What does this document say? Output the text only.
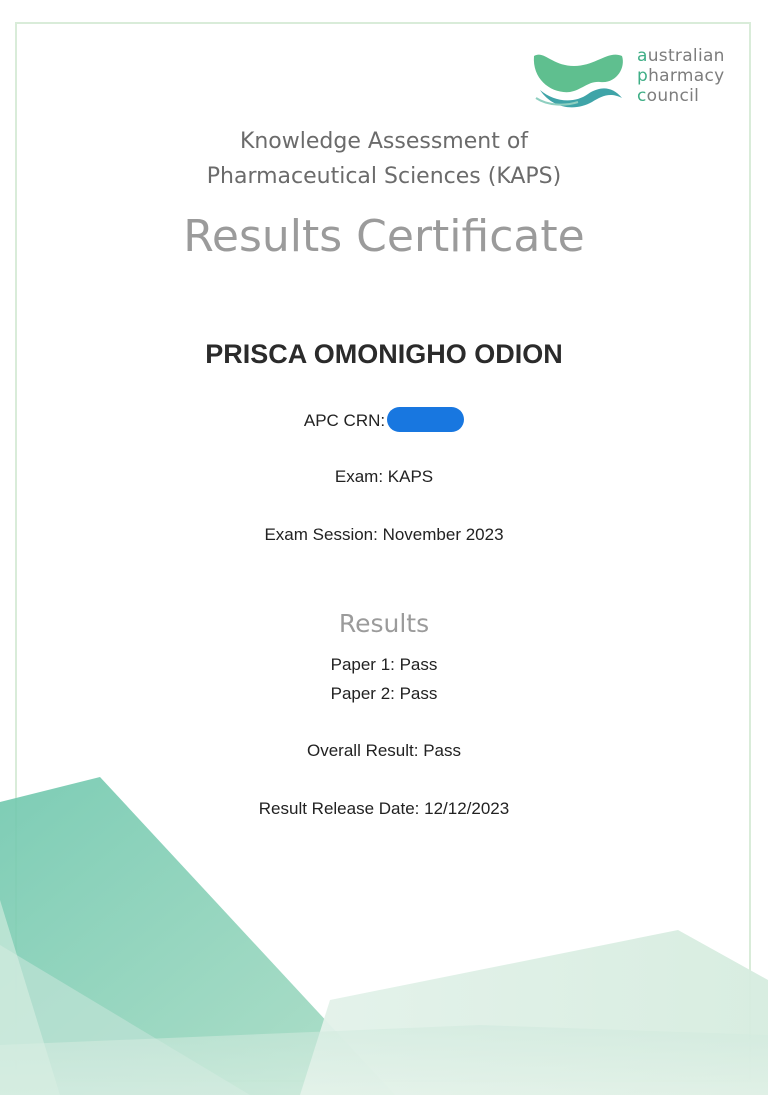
australian
pharmacy
council
Knowledge Assessment of
Pharmaceutical Sciences (KAPS)
Results Certificate
PRISCA OMONIGHO ODION
APC CRN:
Exam: KAPS
Exam Session: November 2023
Results
Paper 1: Pass
Paper 2: Pass
Overall Result: Pass
Result Release Date: 12/12/2023
